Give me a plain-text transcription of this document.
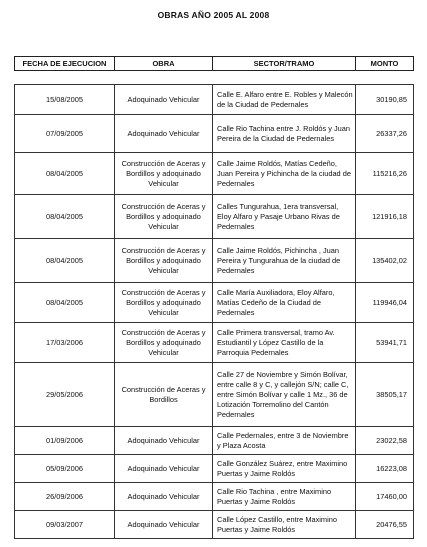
OBRAS AÑO 2005 AL 2008
FECHA DE EJECUCION	OBRA	SECTOR/TRAMO	MONTO
15/08/2005	Adoquinado Vehicular	Calle E. Alfaro entre E. Robles y Malecón de la Ciudad de Pedernales	30190,85
07/09/2005	Adoquinado Vehicular	Calle Rio Tachina entre J. Roldós y Juan Pereira de la Ciudad de Pedernales	26337,26
08/04/2005	Construcción de Aceras y Bordillos y adoquinado Vehicular	Calle Jaime Roldós, Matías Cedeño, Juan Pereira y Pichincha de la ciudad de Pedernales	115216,26
08/04/2005	Construcción de Aceras y Bordillos y adoquinado Vehicular	Calles Tungurahua, 1era transversal, Eloy Alfaro y Pasaje Urbano Rivas de Pedernales	121916,18
08/04/2005	Construcción de Aceras y Bordillos y adoquinado Vehicular	Calle Jaime Roldós, Pichincha , Juan Pereira y Tungurahua de la ciudad de Pedernales	135402,02
08/04/2005	Construcción de Aceras y Bordillos y adoquinado Vehicular	Calle María Auxiliadora, Eloy Alfaro, Matías Cedeño de la Ciudad de Pedernales	119946,04
17/03/2006	Construcción de Aceras y Bordillos y adoquinado Vehicular	Calle Primera transversal, tramo Av. Estudiantil y López Castillo de la Parroquia Pedernales	53941,71
29/05/2006	Construcción de Aceras y Bordillos	Calle 27 de Noviembre y Simón Bolívar, entre calle 8 y C, y callejón S/N; calle C, entre Simón Bolívar y calle 1 Mz., 36 de Lotización Torremolino del Cantón Pedernales	38505,17
01/09/2006	Adoquinado Vehicular	Calle Pedernales, entre 3 de Noviembre y Plaza Acosta	23022,58
05/09/2006	Adoquinado Vehicular	Calle González Suárez, entre Maximino Puertas y Jaime Roldós	16223,08
26/09/2006	Adoquinado Vehicular	Calle Rio Tachina , entre Maximino Puertas y Jaime Roldós	17460,00
09/03/2007	Adoquinado Vehicular	Calle López Castillo, entre Maximino Puertas y Jaime Roldós	20476,55
